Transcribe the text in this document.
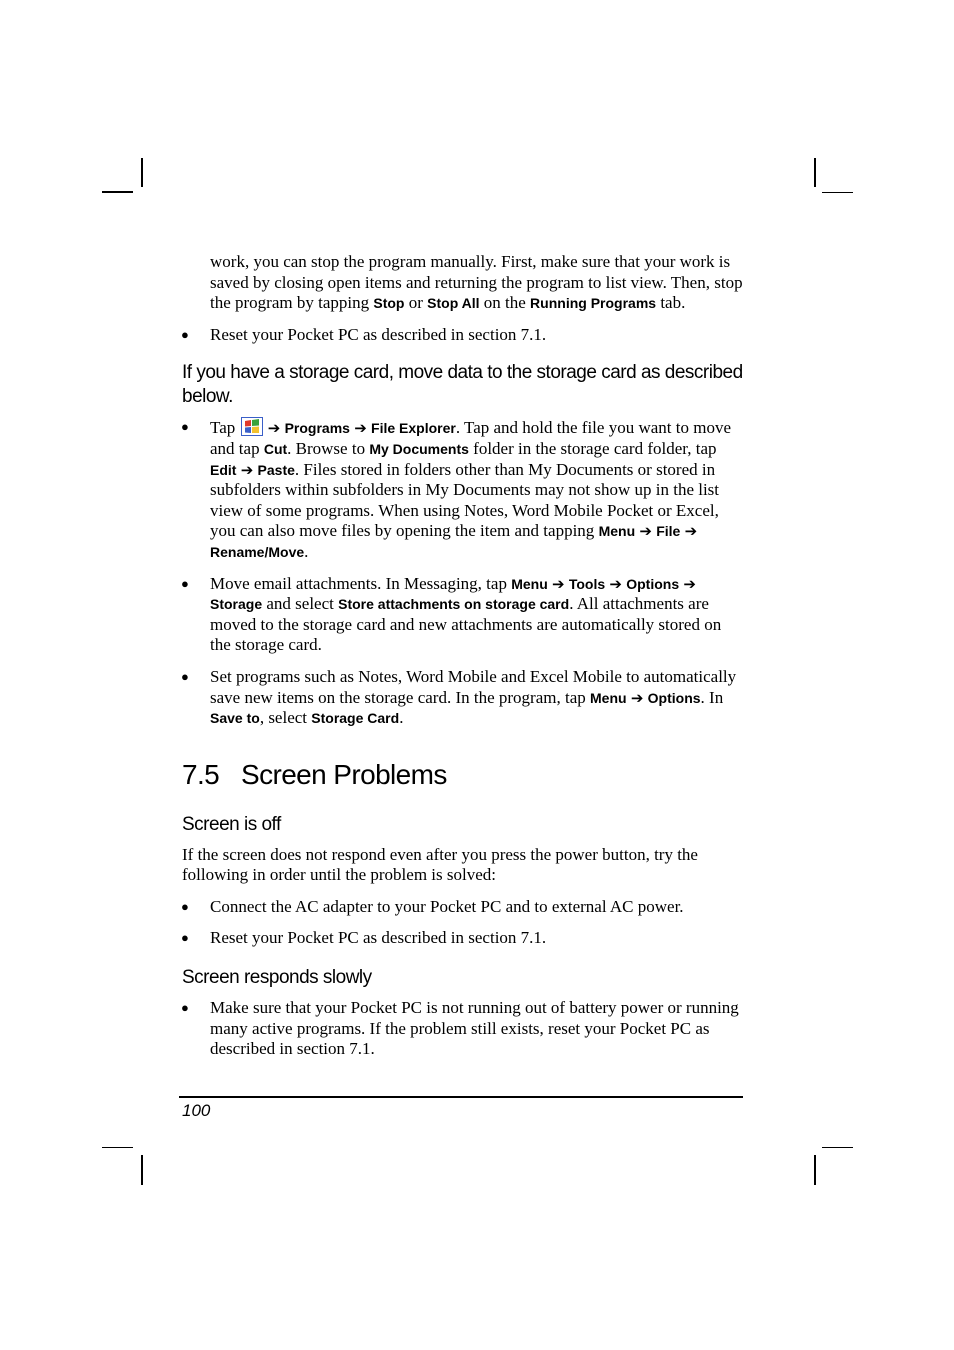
work, you can stop the program manually. First, make sure that your work is saved by closing open items and returning the program to list view. Then, stop the program by tapping Stop or Stop All on the Running Programs tab.

● Reset your Pocket PC as described in section 7.1.
If you have a storage card, move data to the storage card as described below.
● Tap  ➔ Programs ➔ File Explorer. Tap and hold the file you want to move and tap Cut. Browse to My Documents folder in the storage card folder, tap Edit ➔ Paste. Files stored in folders other than My Documents or stored in subfolders within subfolders in My Documents may not show up in the list view of some programs. When using Notes, Word Mobile Pocket or Excel, you can also move files by opening the item and tapping Menu ➔ File ➔ Rename/Move.
● Move email attachments. In Messaging, tap Menu ➔ Tools ➔ Options ➔ Storage and select Store attachments on storage card. All attachments are moved to the storage card and new attachments are automatically stored on the storage card.
● Set programs such as Notes, Word Mobile and Excel Mobile to automatically save new items on the storage card. In the program, tap Menu ➔ Options. In Save to, select Storage Card.
7.5 Screen Problems
Screen is off

If the screen does not respond even after you press the power button, try the following in order until the problem is solved:

● Connect the AC adapter to your Pocket PC and to external AC power.
● Reset your Pocket PC as described in section 7.1.
Screen responds slowly
● Make sure that your Pocket PC is not running out of battery power or running many active programs. If the problem still exists, reset your Pocket PC as described in section 7.1.
100
